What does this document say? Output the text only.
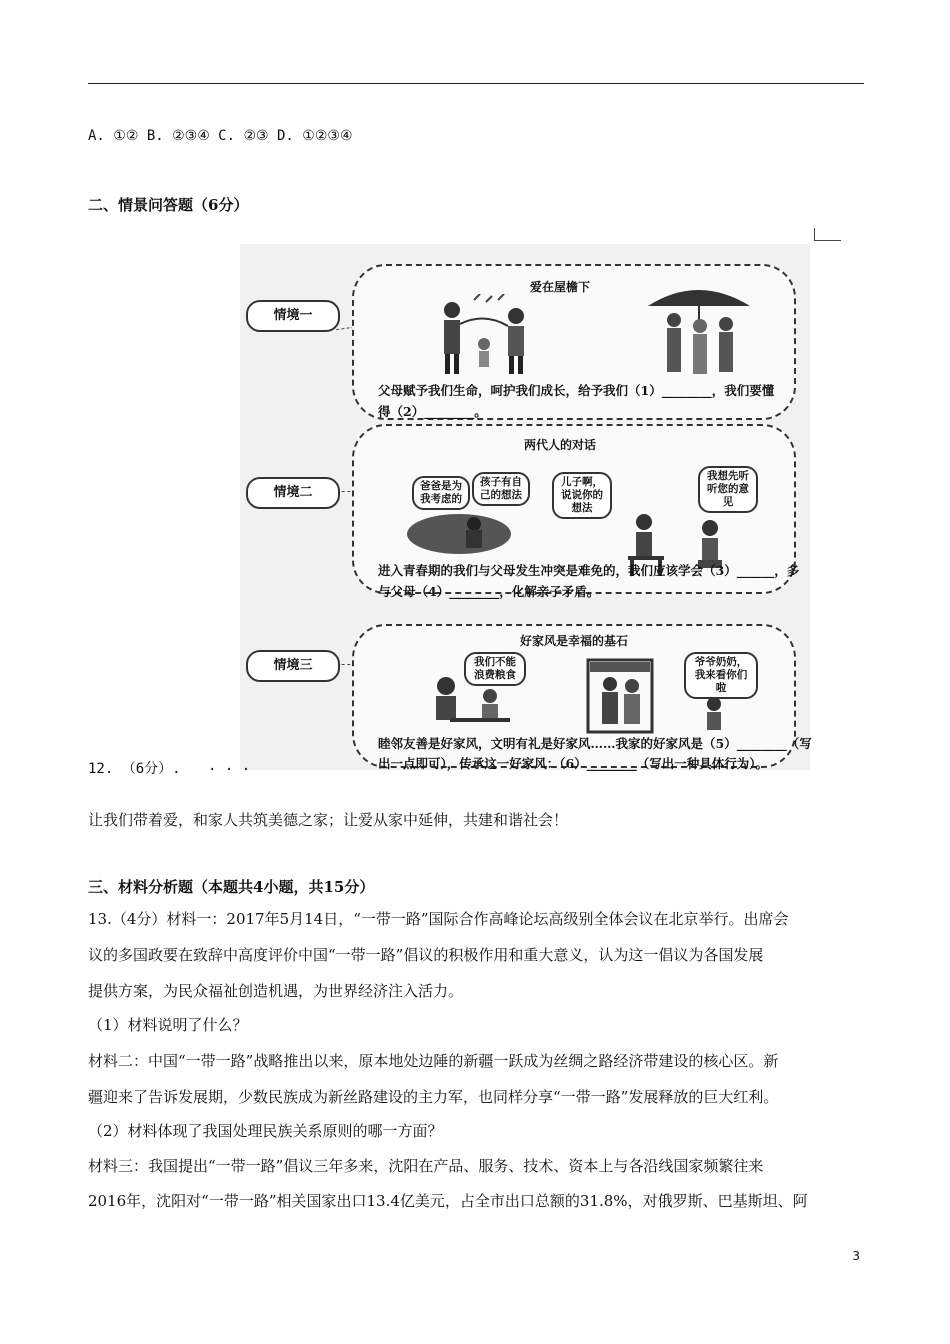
A. ①② B. ②③④ C. ②③ D. ①②③④
二、情景问答题（6分）
情境一
爱在屋檐下
父母赋予我们生命，呵护我们成长，给予我们（1）________，我们要懂
得（2）________。
情境二
两代人的对话
爸爸是为我考虑的
孩子有自己的想法
儿子啊，说说你的想法
我想先听听您的意见
进入青春期的我们与父母发生冲突是难免的，我们应该学会（3）______，多
与父母（4）________，化解亲子矛盾。
情境三
好家风是幸福的基石
我们不能浪费粮食
爷爷奶奶，我来看你们啦
睦邻友善是好家风，文明有礼是好家风……我家的好家风是（5）________（写
出一点即可），传承这一好家风：（6）________（写出一种具体行为）。
12. （6分）. . . .
让我们带着爱，和家人共筑美德之家；让爱从家中延伸，共建和谐社会！
三、材料分析题（本题共4小题，共15分）
13.（4分）材料一：2017年5月14日，“一带一路”国际合作高峰论坛高级别全体会议在北京举行。出席会
议的多国政要在致辞中高度评价中国“一带一路”倡议的积极作用和重大意义，认为这一倡议为各国发展
提供方案，为民众福祉创造机遇，为世界经济注入活力。
（1）材料说明了什么？
材料二：中国“一带一路”战略推出以来，原本地处边陲的新疆一跃成为丝绸之路经济带建设的核心区。新
疆迎来了告诉发展期，少数民族成为新丝路建设的主力军，也同样分享“一带一路”发展释放的巨大红利。
（2）材料体现了我国处理民族关系原则的哪一方面？
材料三：我国提出“一带一路”倡议三年多来，沈阳在产品、服务、技术、资本上与各沿线国家频繁往来
2016年，沈阳对“一带一路”相关国家出口13.4亿美元，占全市出口总额的31.8%，对俄罗斯、巴基斯坦、阿
3
